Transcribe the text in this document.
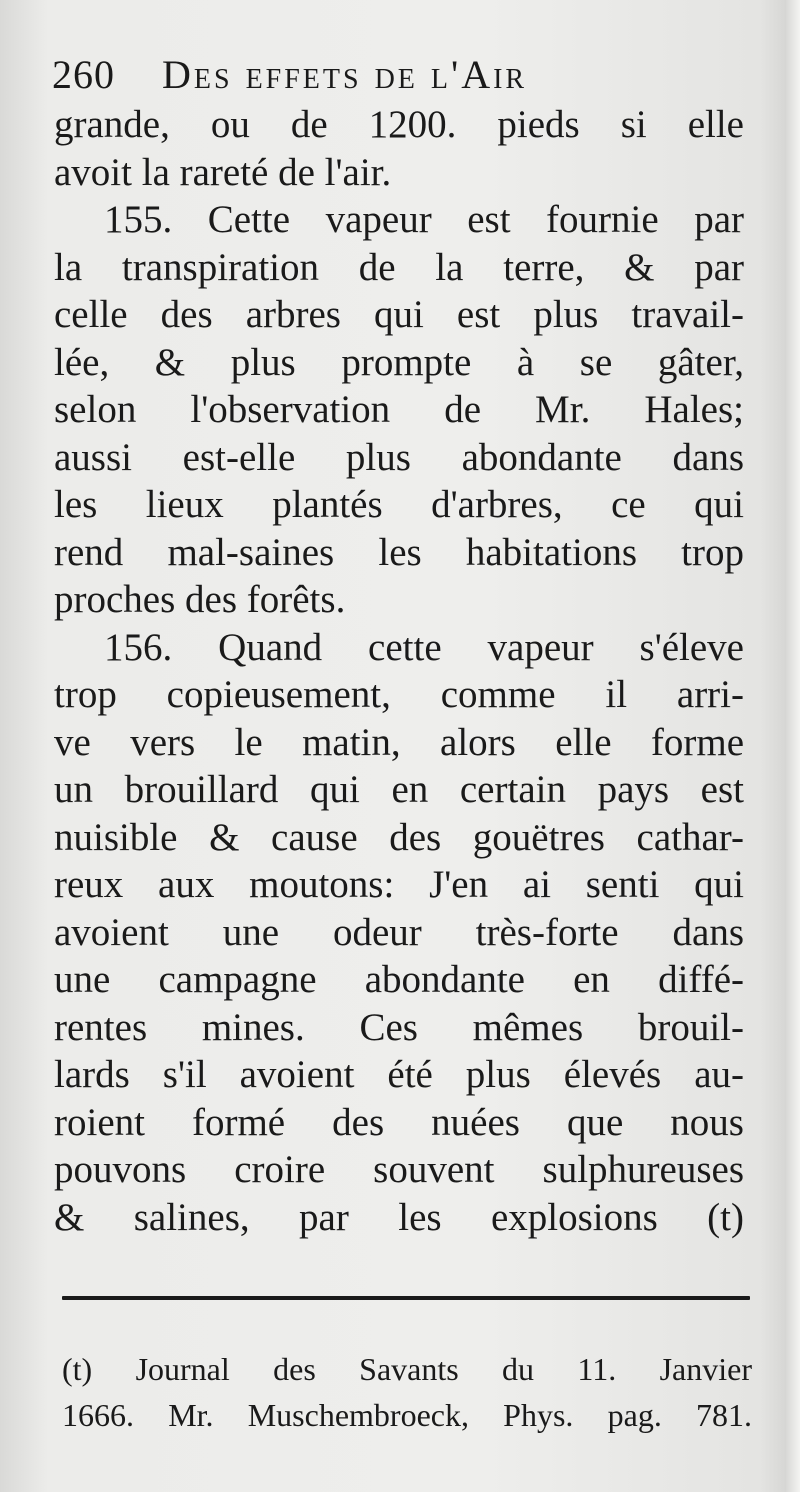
260 Des effets de l'Air
grande, ou de 1200. pieds si elle
avoit la rareté de l'air.
155. Cette vapeur est fournie par
la transpiration de la terre, & par
celle des arbres qui est plus travail-
lée, & plus prompte à se gâter,
selon l'observation de Mr. Hales;
aussi est-elle plus abondante dans
les lieux plantés d'arbres, ce qui
rend mal-saines les habitations trop
proches des forêts.
156. Quand cette vapeur s'éleve
trop copieusement, comme il arri-
ve vers le matin, alors elle forme
un brouillard qui en certain pays est
nuisible & cause des gouëtres cathar-
reux aux moutons: J'en ai senti qui
avoient une odeur très-forte dans
une campagne abondante en diffé-
rentes mines. Ces mêmes brouil-
lards s'il avoient été plus élevés au-
roient formé des nuées que nous
pouvons croire souvent sulphureuses
& salines, par les explosions (t)
(t) Journal des Savants du 11. Janvier
1666. Mr. Muschembroeck, Phys. pag. 781.
